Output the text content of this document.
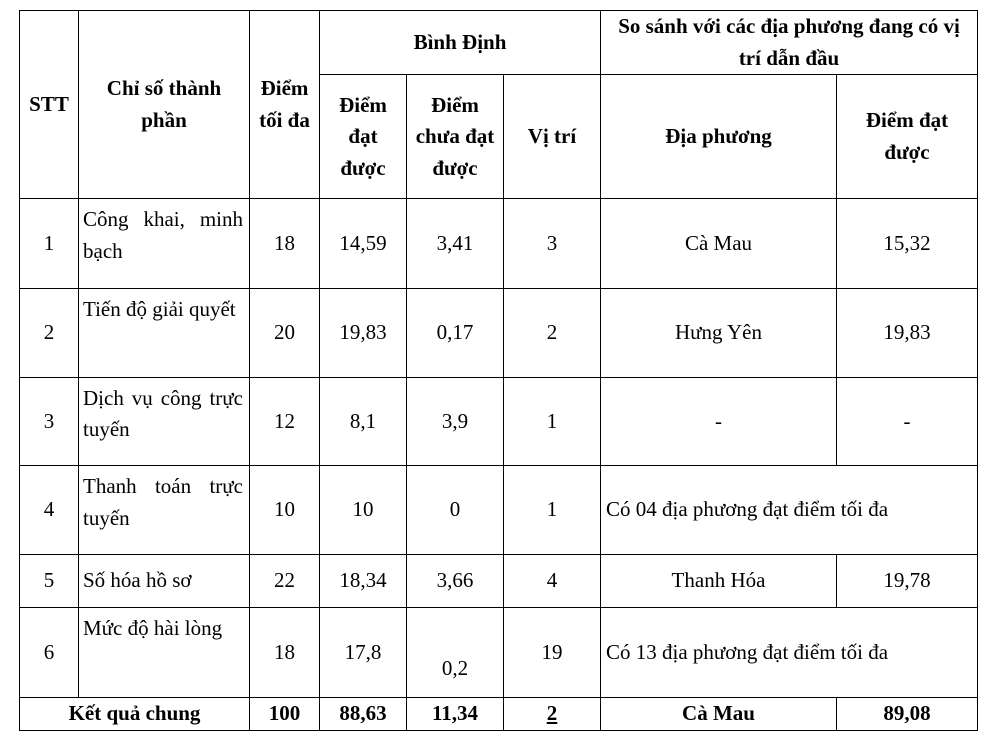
STT	Chỉ số thành phần	Điểm tối đa	Bình Định			So sánh với các địa phương đang có vị trí dẫn đầu	
			Điểm đạt được	Điểm chưa đạt được	Vị trí	Địa phương	Điểm đạt được
1	Công khai, minh bạch	18	14,59	3,41	3	Cà Mau	15,32
2	Tiến độ giải quyết	20	19,83	0,17	2	Hưng Yên	19,83
3	Dịch vụ công trực tuyến	12	8,1	3,9	1	-	-
4	Thanh toán trực tuyến	10	10	0	1	Có 04 địa phương đạt điểm tối đa	
5	Số hóa hồ sơ	22	18,34	3,66	4	Thanh Hóa	19,78
6	Mức độ hài lòng	18	17,8	0,2	19	Có 13 địa phương đạt điểm tối đa	
Kết quả chung		100	88,63	11,34	2	Cà Mau	89,08
